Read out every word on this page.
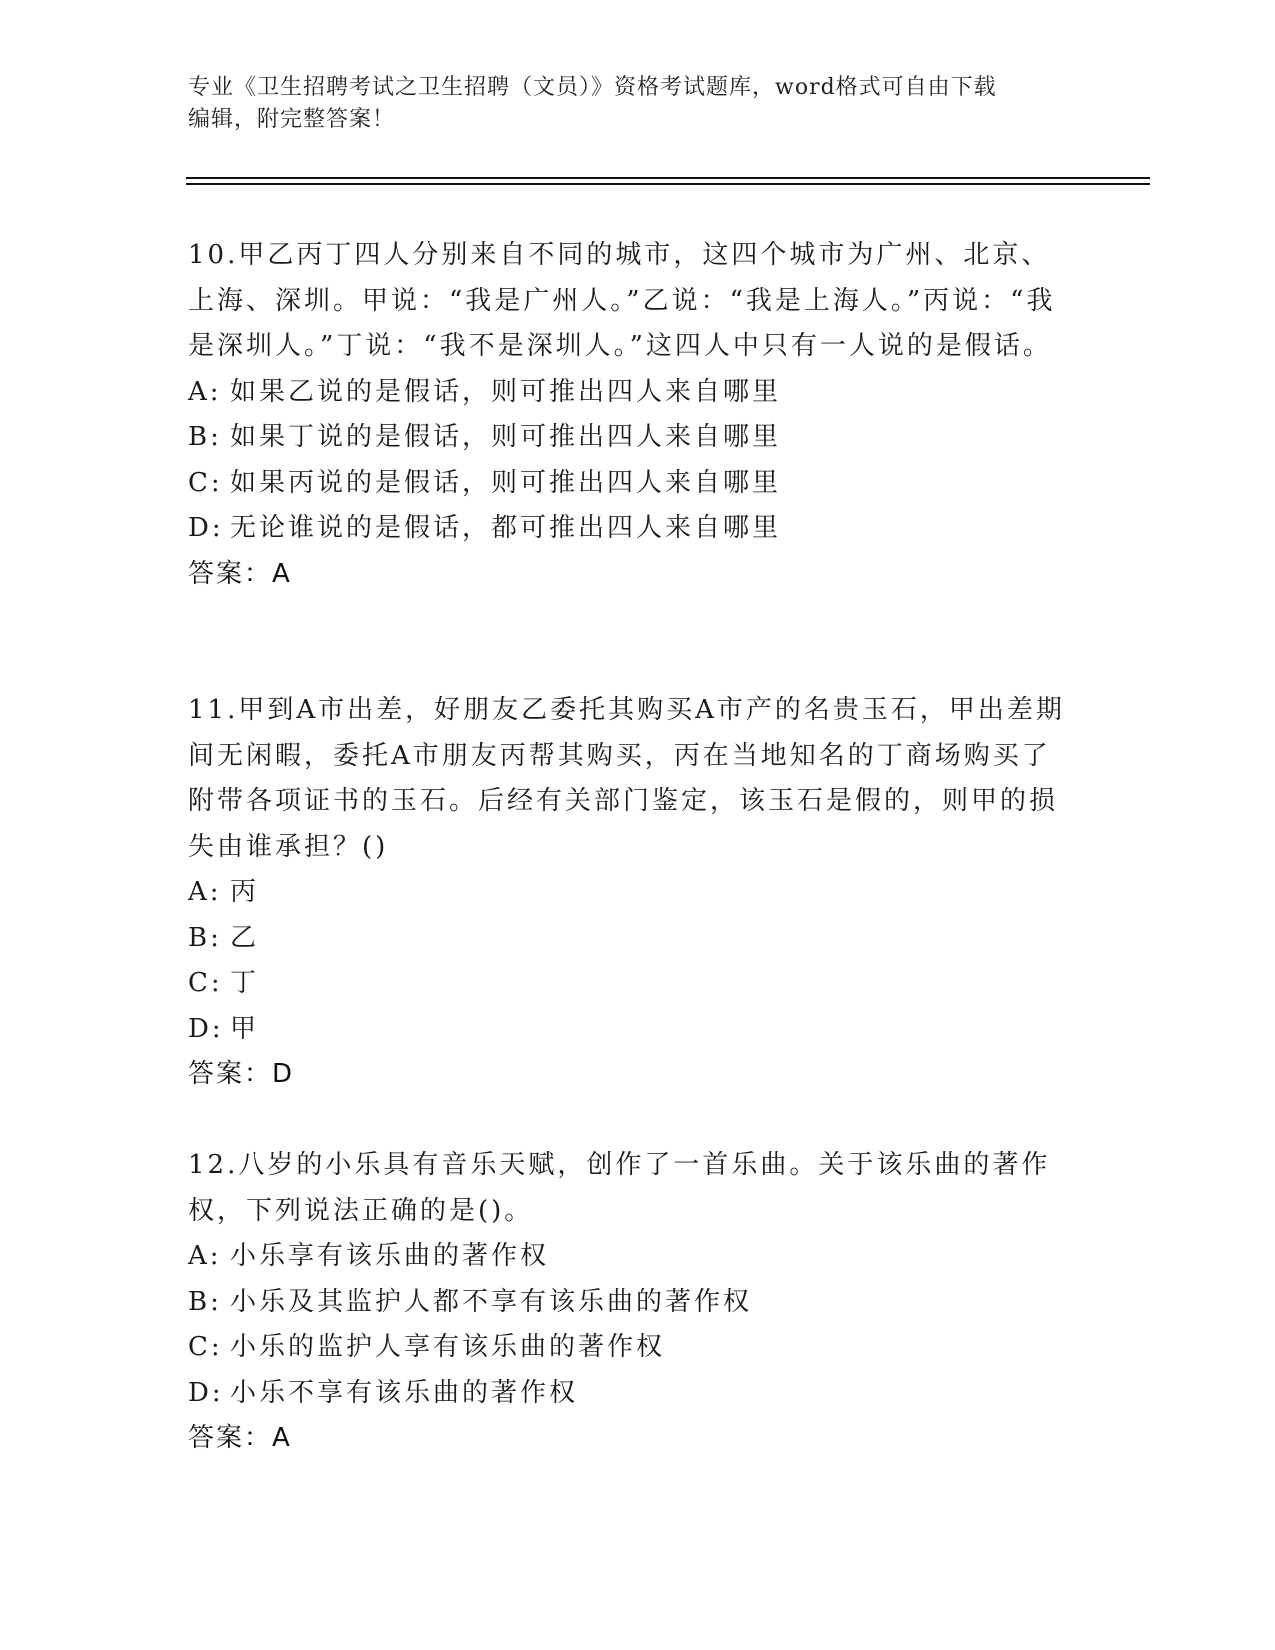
专业《卫生招聘考试之卫生招聘（文员）》资格考试题库，word格式可自由下载
编辑，附完整答案！

10.甲乙丙丁四人分别来自不同的城市，这四个城市为广州、北京、上海、深圳。甲说：“我是广州人。”乙说：“我是上海人。”丙说：“我是深圳人。”丁说：“我不是深圳人。”这四人中只有一人说的是假话。

A: 如果乙说的是假话，则可推出四人来自哪里

B: 如果丁说的是假话，则可推出四人来自哪里

C: 如果丙说的是假话，则可推出四人来自哪里

D: 无论谁说的是假话，都可推出四人来自哪里

答案：A

11.甲到A市出差，好朋友乙委托其购买A市产的名贵玉石，甲出差期间无闲暇，委托A市朋友丙帮其购买，丙在当地知名的丁商场购买了附带各项证书的玉石。后经有关部门鉴定，该玉石是假的，则甲的损失由谁承担？()

A: 丙

B: 乙

C: 丁

D: 甲

答案：D

12.八岁的小乐具有音乐天赋，创作了一首乐曲。关于该乐曲的著作权，下列说法正确的是()。

A: 小乐享有该乐曲的著作权

B: 小乐及其监护人都不享有该乐曲的著作权

C: 小乐的监护人享有该乐曲的著作权

D: 小乐不享有该乐曲的著作权

答案：A
